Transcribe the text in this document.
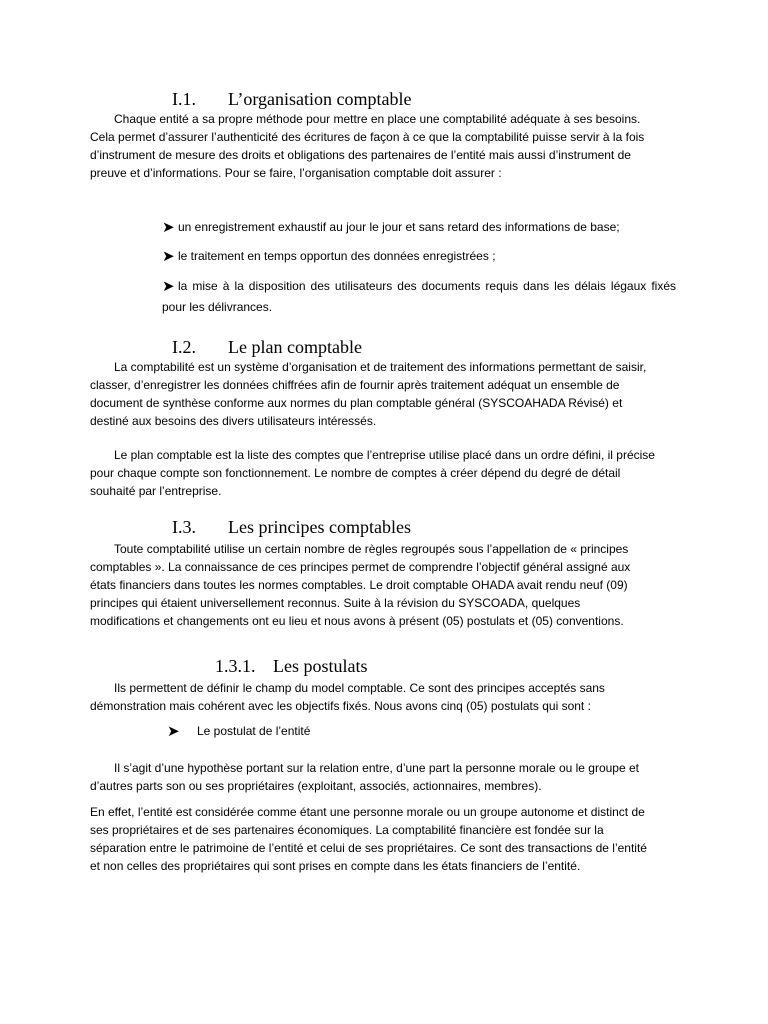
I.1. L’organisation comptable

Chaque entité a sa propre méthode pour mettre en place une comptabilité adéquate à ses besoins. Cela permet d’assurer l’authenticité des écritures de façon à ce que la comptabilité puisse servir à la fois d’instrument de mesure des droits et obligations des partenaires de l’entité mais aussi d’instrument de preuve et d’informations. Pour se faire, l’organisation comptable doit assurer :

➤ un enregistrement exhaustif au jour le jour et sans retard des informations de base;
➤ le traitement en temps opportun des données enregistrées ;
➤ la mise à la disposition des utilisateurs des documents requis dans les délais légaux fixés pour les délivrances.
I.2. Le plan comptable

La comptabilité est un système d’organisation et de traitement des informations permettant de saisir, classer, d’enregistrer les données chiffrées afin de fournir après traitement adéquat un ensemble de document de synthèse conforme aux normes du plan comptable général (SYSCOAHADA Révisé) et destiné aux besoins des divers utilisateurs intéressés.

Le plan comptable est la liste des comptes que l’entreprise utilise placé dans un ordre défini, il précise pour chaque compte son fonctionnement. Le nombre de comptes à créer dépend du degré de détail souhaité par l’entreprise.

I.3. Les principes comptables

Toute comptabilité utilise un certain nombre de règles regroupés sous l’appellation de « principes comptables ». La connaissance de ces principes permet de comprendre l’objectif général assigné aux états financiers dans toutes les normes comptables. Le droit comptable OHADA avait rendu neuf (09) principes qui étaient universellement reconnus. Suite à la révision du SYSCOADA, quelques modifications et changements ont eu lieu et nous avons à présent (05) postulats et (05) conventions.

1.3.1. Les postulats

Ils permettent de définir le champ du model comptable. Ce sont des principes acceptés sans démonstration mais cohérent avec les objectifs fixés. Nous avons cinq (05) postulats qui sont :

➤ Le postulat de l’entité

Il s’agit d’une hypothèse portant sur la relation entre, d’une part la personne morale ou le groupe et d’autres parts son ou ses propriétaires (exploitant, associés, actionnaires, membres).

En effet, l’entité est considérée comme étant une personne morale ou un groupe autonome et distinct de ses propriétaires et de ses partenaires économiques. La comptabilité financière est fondée sur la séparation entre le patrimoine de l’entité et celui de ses propriétaires. Ce sont des transactions de l’entité et non celles des propriétaires qui sont prises en compte dans les états financiers de l’entité.
